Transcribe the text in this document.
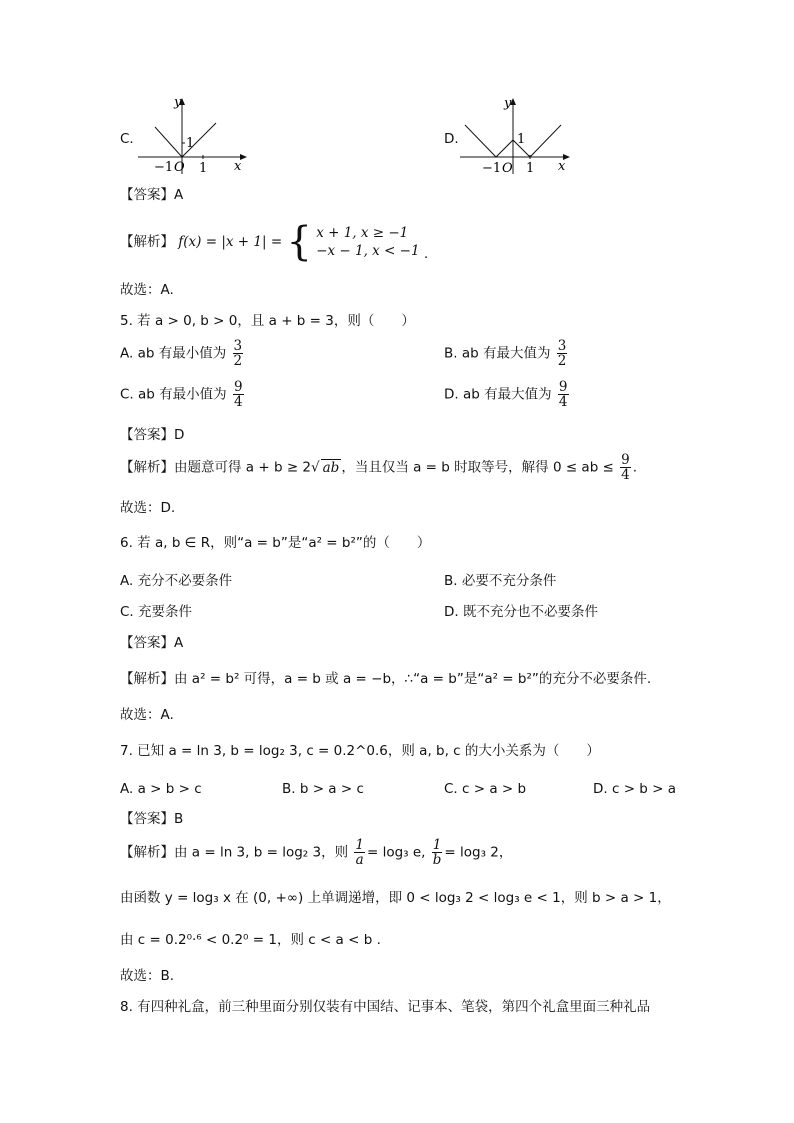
C.
y
x
O
−1 1
1	D.
y
x
O
−1 1
1
【答案】A
【解析】 f(x) = |x + 1| = { x + 1, x ≥ −1
−x − 1, x < −1 .
故选：A.
5. 若 a > 0, b > 0，且 a + b = 3，则（　　）
A. ab 有最小值为 $\frac{3}{2}$	B. ab 有最大值为 $\frac{3}{2}$
C. ab 有最小值为 $\frac{9}{4}$	D. ab 有最大值为 $\frac{9}{4}$
【答案】D
【解析】由题意可得 a + b ≥ 2√ ab ，当且仅当 a = b 时取等号，解得 0 ≤ ab ≤ $\frac{9}{4}$ .
故选：D.
6. 若 a, b ∈ R，则“a = b”是“a² = b²”的（　　）
A. 充分不必要条件	B. 必要不充分条件
C. 充要条件	D. 既不充分也不必要条件
【答案】A
【解析】由 a² = b² 可得，a = b 或 a = −b，∴“a = b”是“a² = b²”的充分不必要条件.
故选：A.
7. 已知 a = ln 3, b = log₂ 3, c = 0.2^0.6，则 a, b, c 的大小关系为（　　）
A. a > b > c	B. b > a > c	C. c > a > b	D. c > b > a
【答案】B
【解析】由 a = ln 3, b = log₂ 3，则 $\frac{1}{a} = \log_3$ e, $\frac{1}{b} = \log_3$ 2，
由函数 y = log₃ x 在 (0, +∞) 上单调递增，即 0 < log₃ 2 < log₃ e < 1，则 b > a > 1，
由 c = 0.2⁰·⁶ < 0.2⁰ = 1，则 c < a < b .
故选：B.
8. 有四种礼盒，前三种里面分别仅装有中国结、记事本、笔袋，第四个礼盒里面三种礼品
